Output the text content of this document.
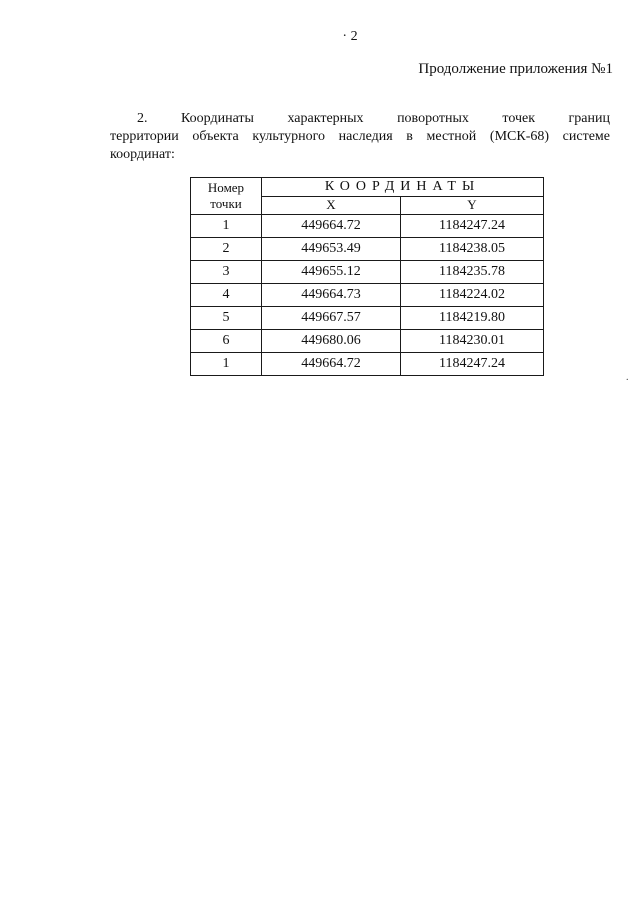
· 2
Продолжение приложения №1
2. Координаты характерных поворотных точек границ
территории объекта культурного наследия в местной (МСК-68) системе
координат:
Номер
точки	КООРДИНАТЫ	
	X	Y
1	449664.72	1184247.24
2	449653.49	1184238.05
3	449655.12	1184235.78
4	449664.73	1184224.02
5	449667.57	1184219.80
6	449680.06	1184230.01
1	449664.72	1184247.24
.
